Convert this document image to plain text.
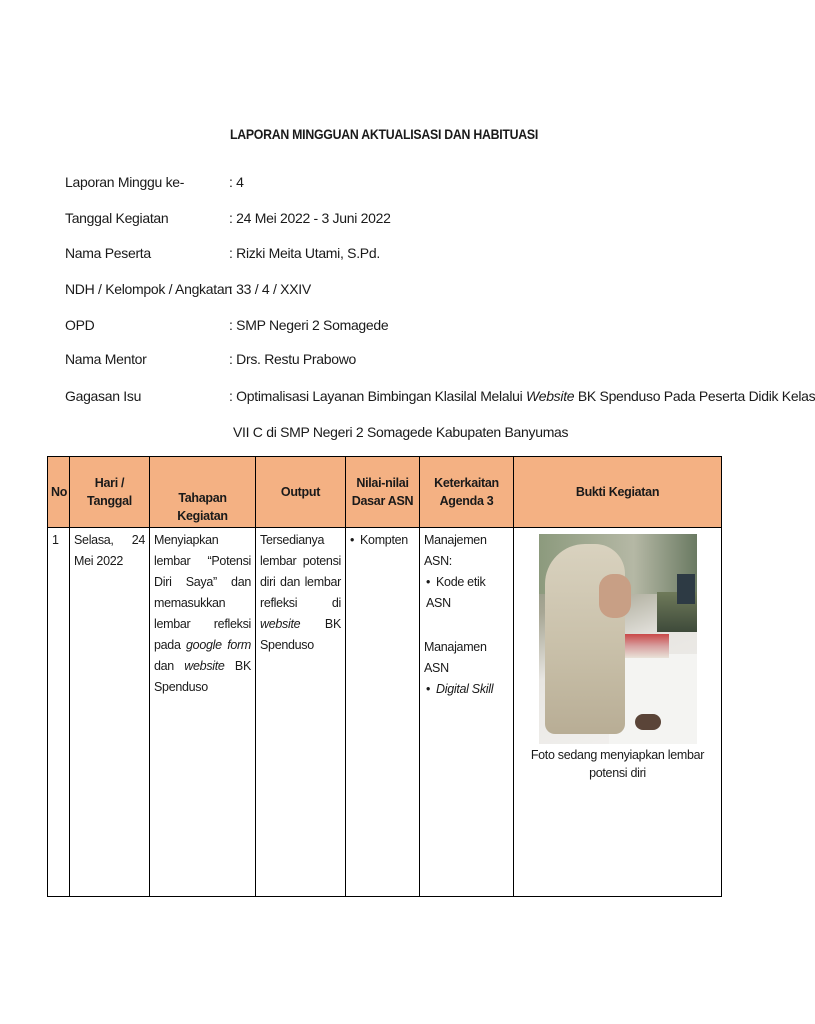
LAPORAN MINGGUAN AKTUALISASI DAN HABITUASI
Laporan Minggu ke-	: 4
Tanggal Kegiatan	: 24 Mei 2022 - 3 Juni 2022
Nama Peserta	: Rizki Meita Utami, S.Pd.
NDH / Kelompok / Angkatan
: 33 / 4 / XXIV
OPD	: SMP Negeri 2 Somagede
Nama Mentor	: Drs. Restu Prabowo
Gagasan Isu	: Optimalisasi Layanan Bimbingan Klasilal Melalui Website BK Spenduso Pada Peserta Didik Kelas
VII C di SMP Negeri 2 Somagede Kabupaten Banyumas
No	Hari / Tanggal	Tahapan Kegiatan	Output	Nilai-nilai Dasar ASN	Keterkaitan Agenda 3	Bukti Kegiatan
1	Selasa, 24 Mei 2022	Menyiapkan lembar “Potensi Diri Saya” dan memasukkan lembar refleksi pada google form dan website BK Spenduso	Tersedianya lembar potensi diri dan lembar refleksi di website BK Spenduso	• Kompten	Manajemen ASN:
• Kode etik ASN
Manajamen ASN
• Digital Skill	Foto sedang menyiapkan lembar potensi diri
